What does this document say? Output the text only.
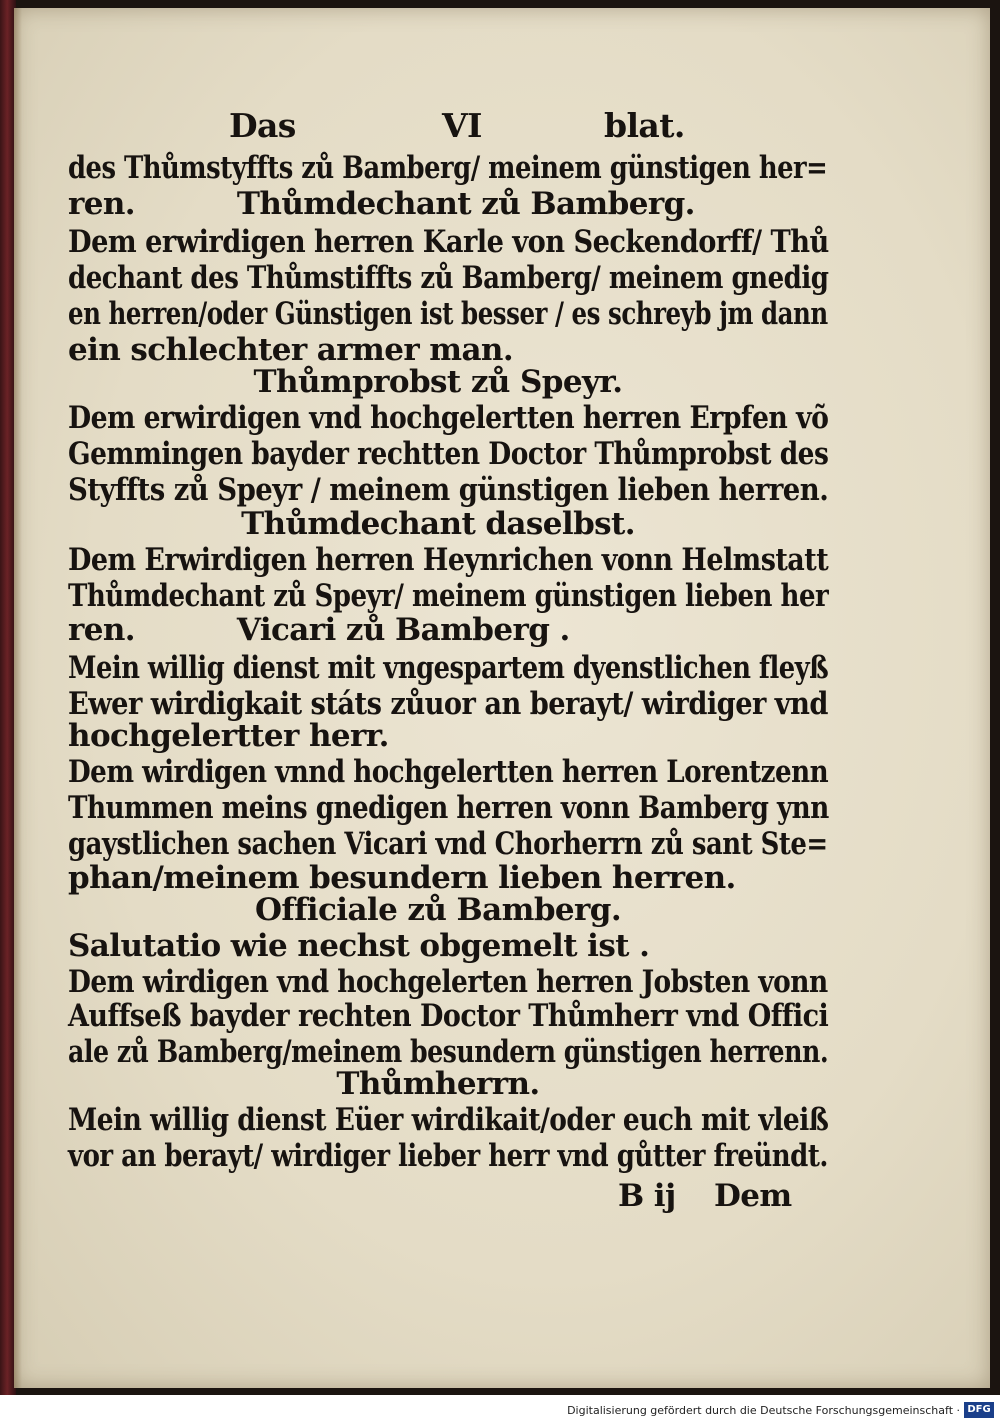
Das	VI	blat.
des Thůmstyffts zů Bamberg/ meinem günstigen her=
ren.          Thůmdechant zů Bamberg.
Dem erwirdigen herren Karle von Seckendorff/ Thů
dechant des Thůmstiffts zů Bamberg/ meinem gnedig
en herren/oder Günstigen ist besser / es schreyb jm dann
ein schlechter armer man.
Thůmprobst zů Speyr.
Dem erwirdigen vnd hochgelertten herren Erpfen võ
Gemmingen bayder rechtten Doctor Thůmprobst des
Styffts zů Speyr / meinem günstigen lieben herren.
Thůmdechant daselbst.
Dem Erwirdigen herren Heynrichen vonn Helmstatt
Thůmdechant zů Speyr/ meinem günstigen lieben her
ren.          Vicari zů Bamberg .
Mein willig dienst mit vngespartem dyenstlichen fleyß
Ewer wirdigkait státs zůuor an berayt/ wirdiger vnd
hochgelertter herr.
Dem wirdigen vnnd hochgelertten herren Lorentzenn
Thummen meins gnedigen herren vonn Bamberg ynn
gaystlichen sachen Vicari vnd Chorherrn zů sant Ste=
phan/meinem besundern lieben herren.
Officiale zů Bamberg.
Salutatio wie nechst obgemelt ist .
Dem wirdigen vnd hochgelerten herren Jobsten vonn
Auffseß bayder rechten Doctor Thůmherr vnd Offici
ale zů Bamberg/meinem besundern günstigen herrenn.
Thůmherrn.
Mein willig dienst Eüer wirdikait/oder euch mit vleiß
vor an berayt/ wirdiger lieber herr vnd gůtter freündt.
B ij Dem
Digitalisierung gefördert durch die Deutsche Forschungsgemeinschaft · DFG
